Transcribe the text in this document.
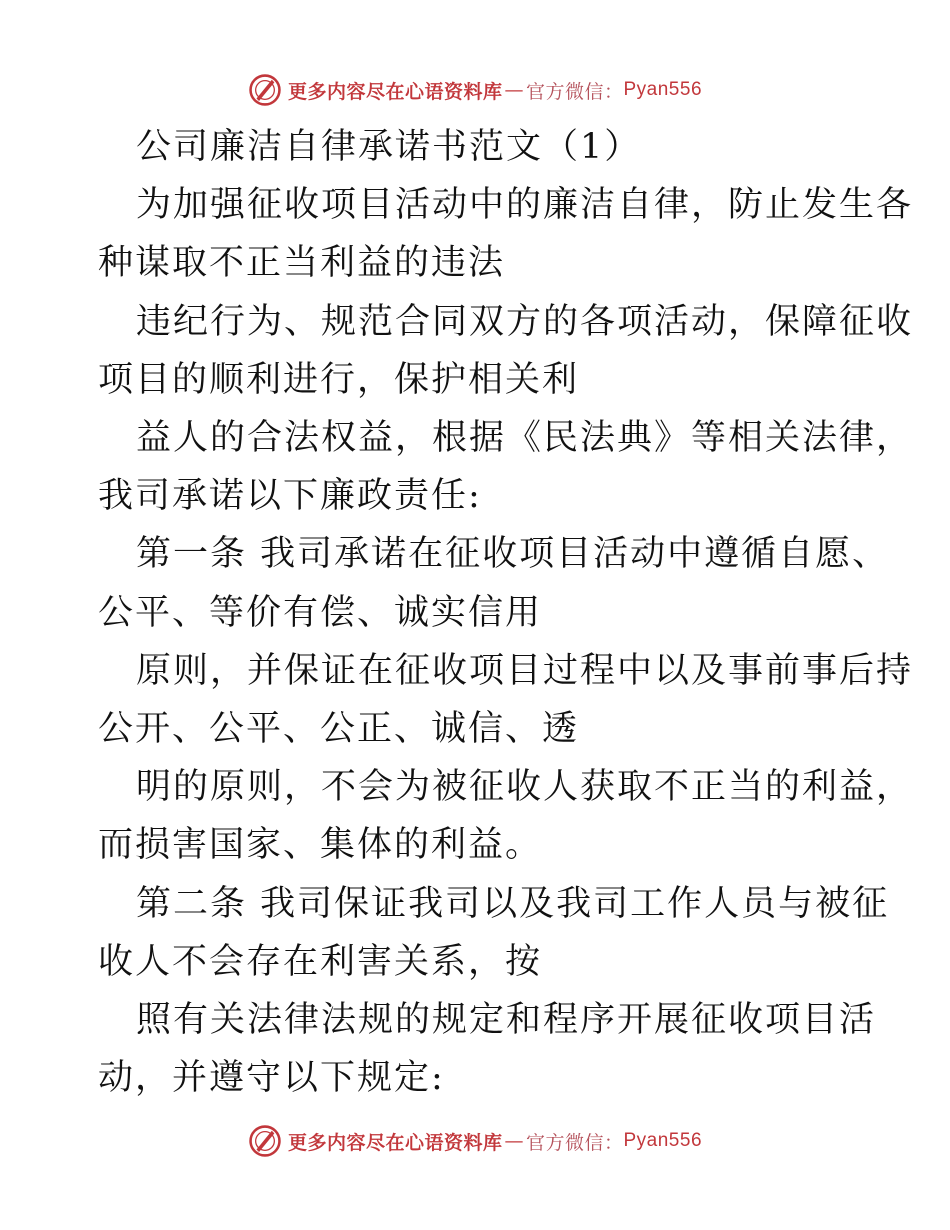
更多内容尽在心语资料库 — 官方微信： Pyan556
公司廉洁自律承诺书范文（1）
为加强征收项目活动中的廉洁自律，防止发生各
种谋取不正当利益的违法
违纪行为、规范合同双方的各项活动，保障征收
项目的顺利进行，保护相关利
益人的合法权益，根据《民法典》等相关法律，
我司承诺以下廉政责任:
第一条 我司承诺在征收项目活动中遵循自愿、
公平、等价有偿、诚实信用
原则，并保证在征收项目过程中以及事前事后持
公开、公平、公正、诚信、透
明的原则，不会为被征收人获取不正当的利益，
而损害国家、集体的利益。
第二条 我司保证我司以及我司工作人员与被征
收人不会存在利害关系，按
照有关法律法规的规定和程序开展征收项目活
动，并遵守以下规定:
更多内容尽在心语资料库 — 官方微信： Pyan556
